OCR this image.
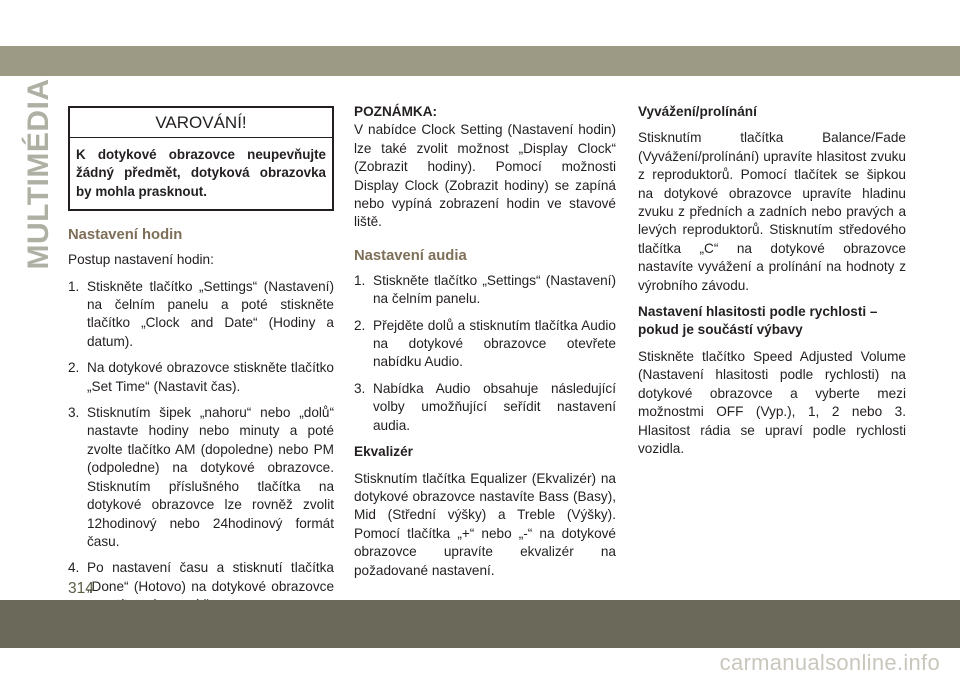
MULTIMÉDIA	VAROVÁNÍ!
K dotykové obrazovce neupevňujte žádný předmět, dotyková obrazovka by mohla prasknout.
Nastavení hodin

Postup nastavení hodin:

1. Stiskněte tlačítko „Settings“ (Nastavení) na čelním panelu a poté stiskněte tlačítko „Clock and Date“ (Hodiny a datum).
2. Na dotykové obrazovce stiskněte tlačítko „Set Time“ (Nastavit čas).
3. Stisknutím šipek „nahoru“ nebo „dolů“ nastavte hodiny nebo minuty a poté zvolte tlačítko AM (dopoledne) nebo PM (odpoledne) na dotykové obrazovce. Stisknutím příslušného tlačítka na dotykové obrazovce lze rovněž zvolit 12hodinový nebo 24hodinový formát času.
4. Po nastavení času a stisknutí tlačítka „Done“ (Hotovo) na dotykové obrazovce
POZNÁMKA:

V nabídce Clock Setting (Nastavení hodin) lze také zvolit možnost „Display Clock“ (Zobrazit hodiny). Pomocí možnosti Display Clock (Zobrazit hodiny) se zapíná nebo vypíná zobrazení hodin ve stavové liště.

Nastavení audia
1. Stiskněte tlačítko „Settings“ (Nastavení) na čelním panelu.
2. Přejděte dolů a stisknutím tlačítka Audio na dotykové obrazovce otevřete nabídku Audio.
3. Nabídka Audio obsahuje následující volby umožňující seřídit nastavení audia.
Ekvalizér

Stisknutím tlačítka Equalizer (Ekvalizér) na dotykové obrazovce nastavíte Bass (Basy), Mid (Střední výšky) a Treble (Výšky). Pomocí tlačítka „+“ nebo „-“ na dotykové obrazovce upravíte ekvalizér na požadované nastavení.

Vyvážení/prolínání

Stisknutím tlačítka Balance/Fade (Vyvážení/prolínání) upravíte hlasitost zvuku z reproduktorů. Pomocí tlačítek se šipkou na dotykové obrazovce upravíte hladinu zvuku z předních a zadních nebo pravých a levých reproduktorů. Stisknutím středového tlačítka „C“ na dotykové obrazovce nastavíte vyvážení a prolínání na hodnoty z výrobního závodu.

Nastavení hlasitosti podle rychlosti – pokud je součástí výbavy

Stiskněte tlačítko Speed Adjusted Volume (Nastavení hlasitosti podle rychlosti) na dotykové obrazovce a vyberte mezi možnostmi OFF (Vyp.), 1, 2 nebo 3. Hlasitost rádia se upraví podle rychlosti vozidla.

314
carmanualsonline.info
